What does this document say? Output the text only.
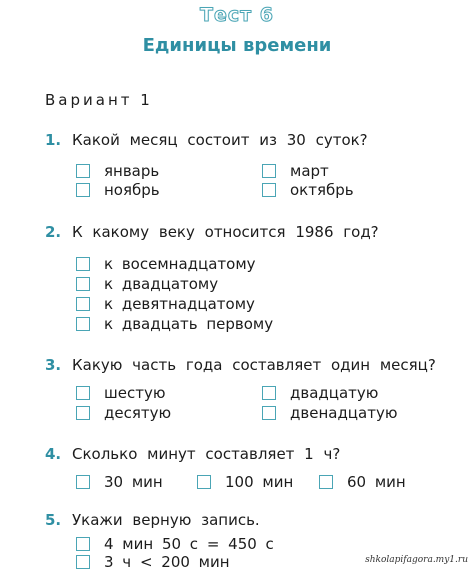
Тест 6
Единицы времени
Вариант 1
1. Какой месяц состоит из 30 суток?
январь
ноябрь
март
октябрь
2. К какому веку относится 1986 год?
к восемнадцатому
к двадцатому
к девятнадцатому
к двадцать первому
3. Какую часть года составляет один месяц?
шестую
десятую
двадцатую
двенадцатую
4. Сколько минут составляет 1 ч?
30 мин	100 мин	60 мин
5. Укажи верную запись.
4 мин 50 с = 450 с
3 ч < 200 мин	shkolapifagora.my1.ru
